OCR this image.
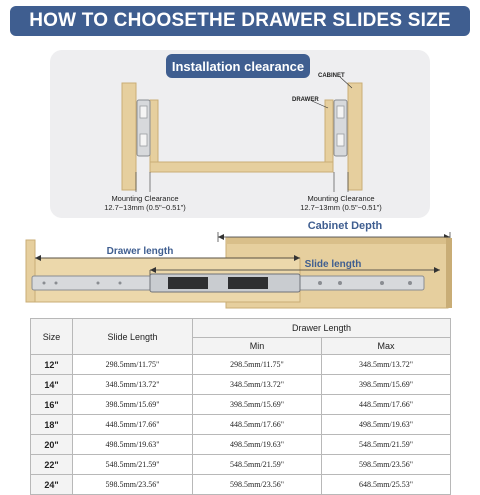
HOW TO CHOOSETHE DRAWER SLIDES SIZE
Installation clearance
CABINET
DRAWER
Mounting Clearance
12.7~13mm (0.5"~0.51")
Mounting Clearance
12.7~13mm (0.5"~0.51")
Cabinet Depth
Drawer length
Slide length
Size	Slide Length	Drawer Length	
		Min	Max
12"	298.5mm/11.75"	298.5mm/11.75"	348.5mm/13.72"
14"	348.5mm/13.72"	348.5mm/13.72"	398.5mm/15.69"
16"	398.5mm/15.69"	398.5mm/15.69"	448.5mm/17.66"
18"	448.5mm/17.66"	448.5mm/17.66"	498.5mm/19.63"
20"	498.5mm/19.63"	498.5mm/19.63"	548.5mm/21.59"
22"	548.5mm/21.59"	548.5mm/21.59"	598.5mm/23.56"
24"	598.5mm/23.56"	598.5mm/23.56"	648.5mm/25.53"
